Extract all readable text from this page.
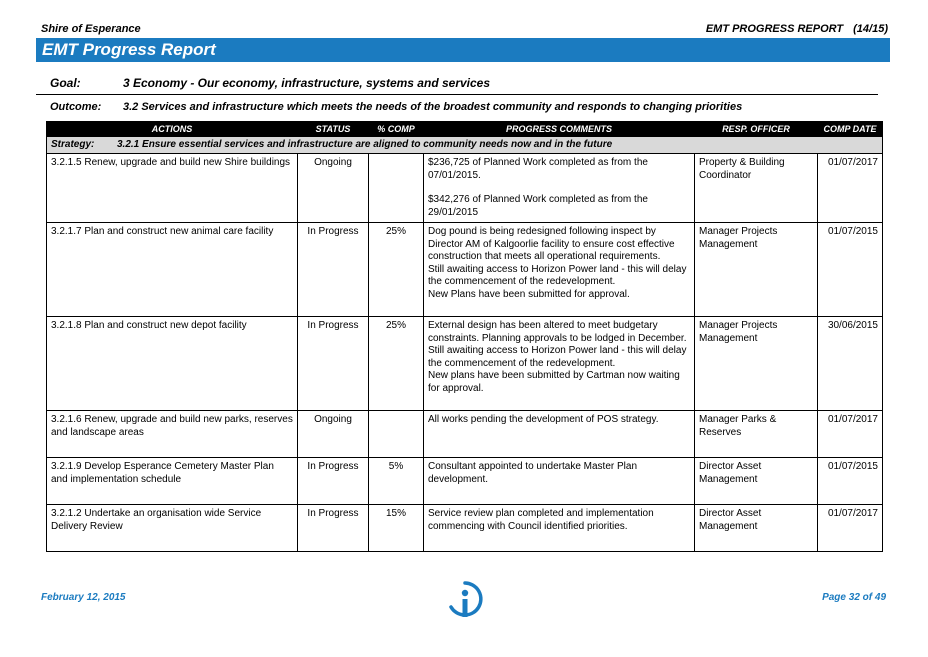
Shire of Esperance	EMT PROGRESS REPORT (14/15)
EMT Progress Report
Goal:	3 Economy - Our economy, infrastructure, systems and services
Outcome: 3.2 Services and infrastructure which meets the needs of the broadest community and responds to changing priorities
ACTIONS	STATUS	% COMP	PROGRESS COMMENTS	RESP. OFFICER	COMP DATE
Strategy: 3.2.1 Ensure essential services and infrastructure are aligned to community needs now and in the future					
3.2.1.5 Renew, upgrade and build new Shire buildings	Ongoing		$236,725 of Planned Work completed as from the 07/01/2015.
$342,276 of Planned Work completed as from the 29/01/2015	Property & Building Coordinator	01/07/2017
3.2.1.7 Plan and construct new animal care facility	In Progress	25%	Dog pound is being redesigned following inspect by Director AM of Kalgoorlie facility to ensure cost effective construction that meets all operational requirements.
Still awaiting access to Horizon Power land - this will delay the commencement of the redevelopment.
New Plans have been submitted for approval.	Manager Projects Management	01/07/2015
3.2.1.8 Plan and construct new depot facility	In Progress	25%	External design has been altered to meet budgetary constraints. Planning approvals to be lodged in December.
Still awaiting access to Horizon Power land - this will delay the commencement of the redevelopment.
New plans have been submitted by Cartman now waiting for approval.	Manager Projects Management	30/06/2015
3.2.1.6 Renew, upgrade and build new parks, reserves and landscape areas	Ongoing		All works pending the development of POS strategy.	Manager Parks & Reserves	01/07/2017
3.2.1.9 Develop Esperance Cemetery Master Plan and implementation schedule	In Progress	5%	Consultant appointed to undertake Master Plan development.	Director Asset Management	01/07/2015
3.2.1.2 Undertake an organisation wide Service Delivery Review	In Progress	15%	Service review plan completed and implementation commencing with Council identified priorities.	Director Asset Management	01/07/2017
February 12, 2015	Page 32 of 49
